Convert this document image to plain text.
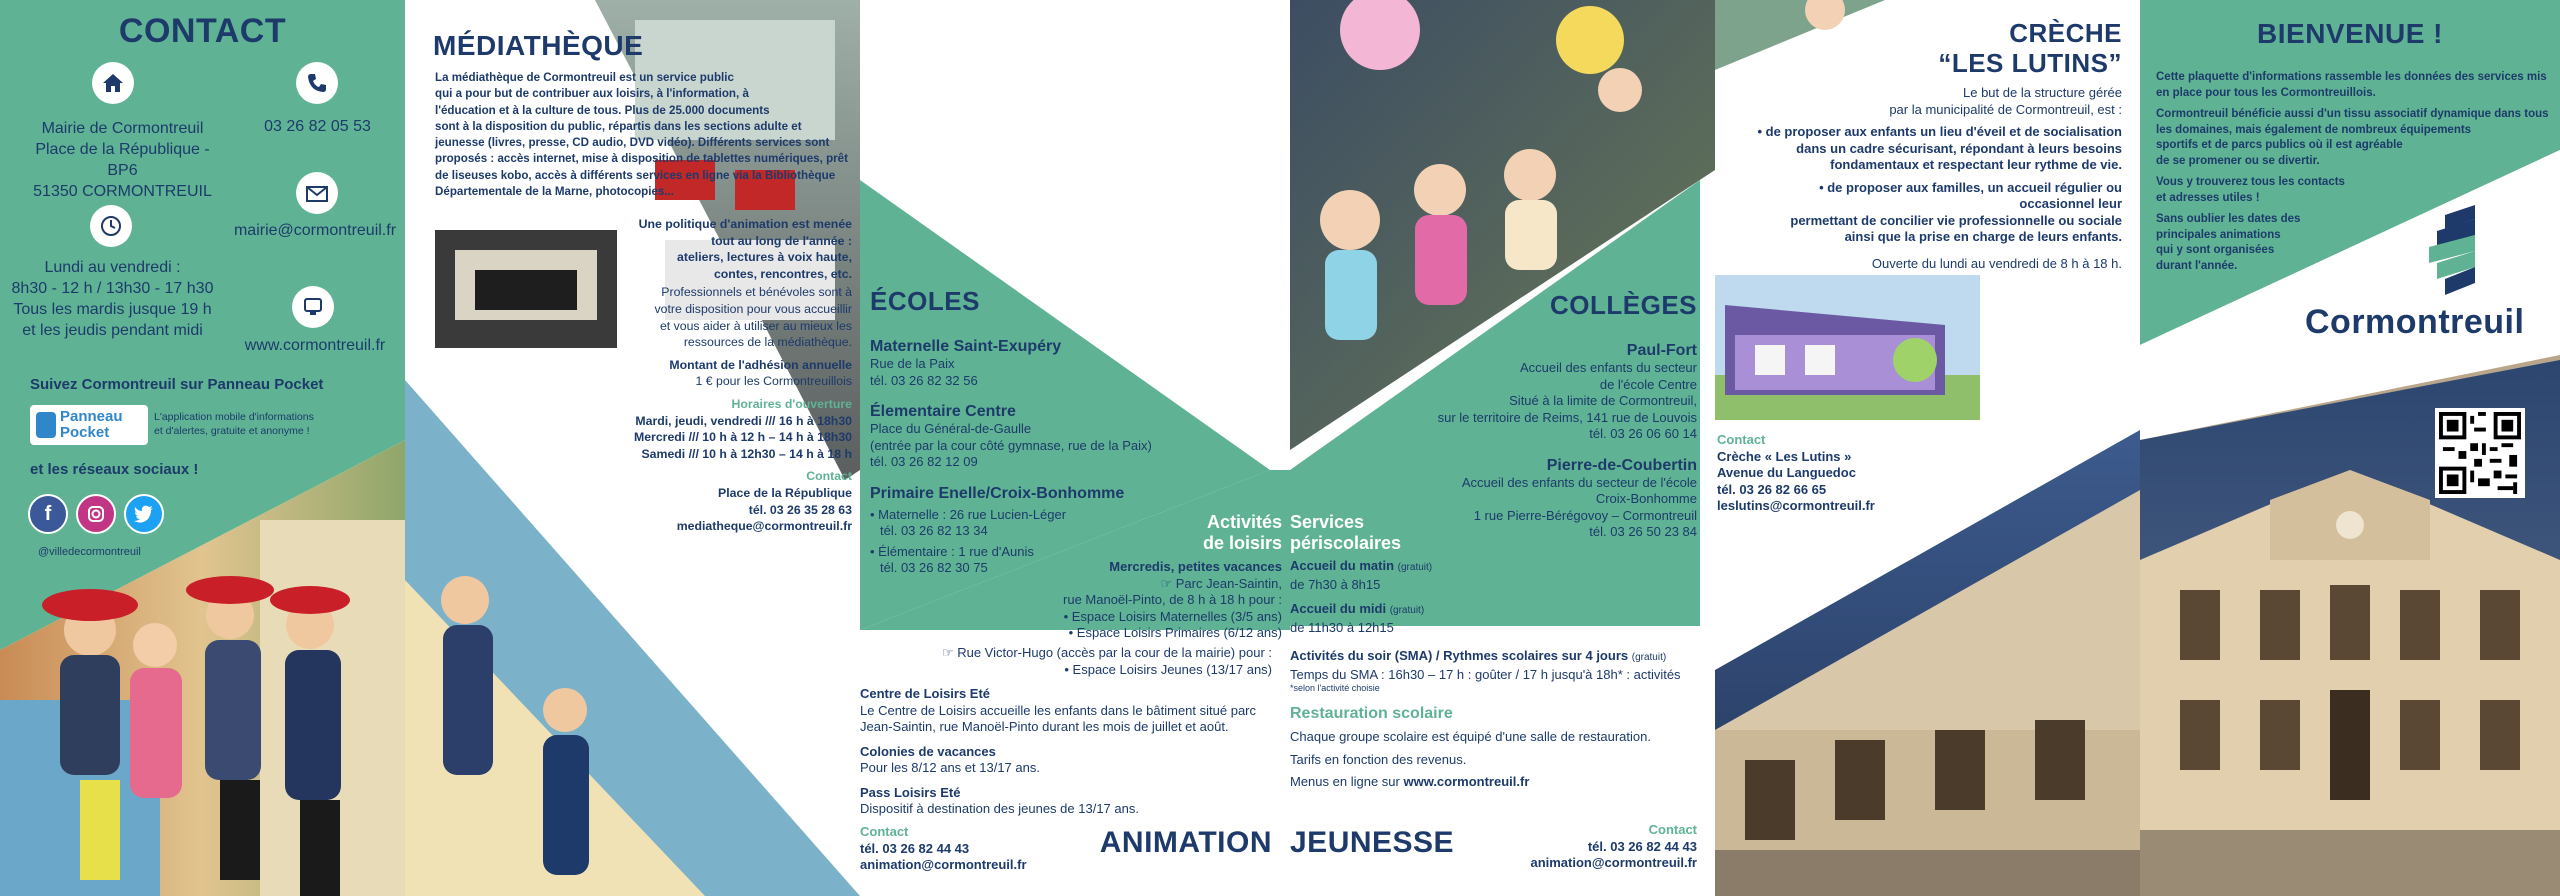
CONTACT
Mairie de Cormontreuil
Place de la République - BP6
51350 CORMONTREUIL
03 26 82 05 53
mairie@cormontreuil.fr
Lundi au vendredi :
8h30 - 12 h / 13h30 - 17 h30
Tous les mardis jusque 19 h
et les jeudis pendant midi
www.cormontreuil.fr
Suivez Cormontreuil sur Panneau Pocket
Panneau
Pocket
L'application mobile d'informations
et d'alertes, gratuite et anonyme !
et les réseaux sociaux !
f
@villedecormontreuil
MÉDIATHÈQUE
La médiathèque de Cormontreuil est un service public
qui a pour but de contribuer aux loisirs, à l'information, à
l'éducation et à la culture de tous. Plus de 25.000 documents
sont à la disposition du public, répartis dans les sections adulte et
jeunesse (livres, presse, CD audio, DVD vidéo). Différents services sont
proposés : accès internet, mise à disposition de tablettes numériques, prêt
de liseuses kobo, accès à différents services en ligne via la Bibliothèque
Départementale de la Marne, photocopies...
Une politique d'animation est menée
tout au long de l'année :
ateliers, lectures à voix haute,
contes, rencontres, etc.
Professionnels et bénévoles sont à
votre disposition pour vous accueillir
et vous aider à utiliser au mieux les
ressources de la médiathèque.
Montant de l'adhésion annuelle
1 € pour les Cormontreuillois
Horaires d'ouverture
Mardi, jeudi, vendredi /// 16 h à 18h30
Mercredi /// 10 h à 12 h – 14 h à 18h30
Samedi /// 10 h à 12h30 – 14 h à 18 h
Contact
Place de la République
tél. 03 26 35 28 63
mediatheque@cormontreuil.fr
ÉCOLES
Maternelle Saint-Exupéry
Rue de la Paix
tél. 03 26 82 32 56
Élementaire Centre
Place du Général-de-Gaulle
(entrée par la cour côté gymnase, rue de la Paix)
tél. 03 26 82 12 09
Primaire Enelle/Croix-Bonhomme
• Maternelle : 26 rue Lucien-Léger
tél. 03 26 82 13 34
• Élémentaire : 1 rue d'Aunis
tél. 03 26 82 30 75
Activités
de loisirs
Mercredis, petites vacances
☞ Parc Jean-Saintin,
rue Manoël-Pinto, de 8 h à 18 h pour :
• Espace Loisirs Maternelles (3/5 ans)
• Espace Loisirs Primaires (6/12 ans)
☞ Rue Victor-Hugo (accès par la cour de la mairie) pour :
• Espace Loisirs Jeunes (13/17 ans)
Centre de Loisirs Eté
Le Centre de Loisirs accueille les enfants dans le bâtiment situé parc
Jean-Saintin, rue Manoël-Pinto durant les mois de juillet et août.
Colonies de vacances
Pour les 8/12 ans et 13/17 ans.
Pass Loisirs Eté
Dispositif à destination des jeunes de 13/17 ans.
Contact
tél. 03 26 82 44 43
animation@cormontreuil.fr
ANIMATION
COLLÈGES
Paul-Fort
Accueil des enfants du secteur
de l'école Centre
Situé à la limite de Cormontreuil,
sur le territoire de Reims, 141 rue de Louvois
tél. 03 26 06 60 14
Pierre-de-Coubertin
Accueil des enfants du secteur de l'école
Croix-Bonhomme
1 rue Pierre-Bérégovoy – Cormontreuil
tél. 03 26 50 23 84
Services
périscolaires
Accueil du matin (gratuit)
de 7h30 à 8h15
Accueil du midi (gratuit)
de 11h30 à 12h15
Activités du soir (SMA) / Rythmes scolaires sur 4 jours (gratuit)
Temps du SMA : 16h30 – 17 h : goûter / 17 h jusqu'à 18h* : activités
*selon l'activité choisie
Restauration scolaire
Chaque groupe scolaire est équipé d'une salle de restauration.
Tarifs en fonction des revenus.
Menus en ligne sur www.cormontreuil.fr
JEUNESSE	Contact
tél. 03 26 82 44 43
animation@cormontreuil.fr
CRÈCHE
“LES LUTINS”
Le but de la structure gérée
par la municipalité de Cormontreuil, est :
• de proposer aux enfants un lieu d'éveil et de socialisation
dans un cadre sécurisant, répondant à leurs besoins
fondamentaux et respectant leur rythme de vie.
• de proposer aux familles, un accueil régulier ou occasionnel leur
permettant de concilier vie professionnelle ou sociale
ainsi que la prise en charge de leurs enfants.
Ouverte du lundi au vendredi de 8 h à 18 h.
Contact
Crèche « Les Lutins »
Avenue du Languedoc
tél. 03 26 82 66 65
leslutins@cormontreuil.fr
BIENVENUE !
Cette plaquette d'informations rassemble les données des services mis
en place pour tous les Cormontreuillois.
Cormontreuil bénéficie aussi d'un tissu associatif dynamique dans tous
les domaines, mais également de nombreux équipements
sportifs et de parcs publics où il est agréable
de se promener ou se divertir.
Vous y trouverez tous les contacts
et adresses utiles !
Sans oublier les dates des
principales animations
qui y sont organisées
durant l'année.
Cormontreuil
